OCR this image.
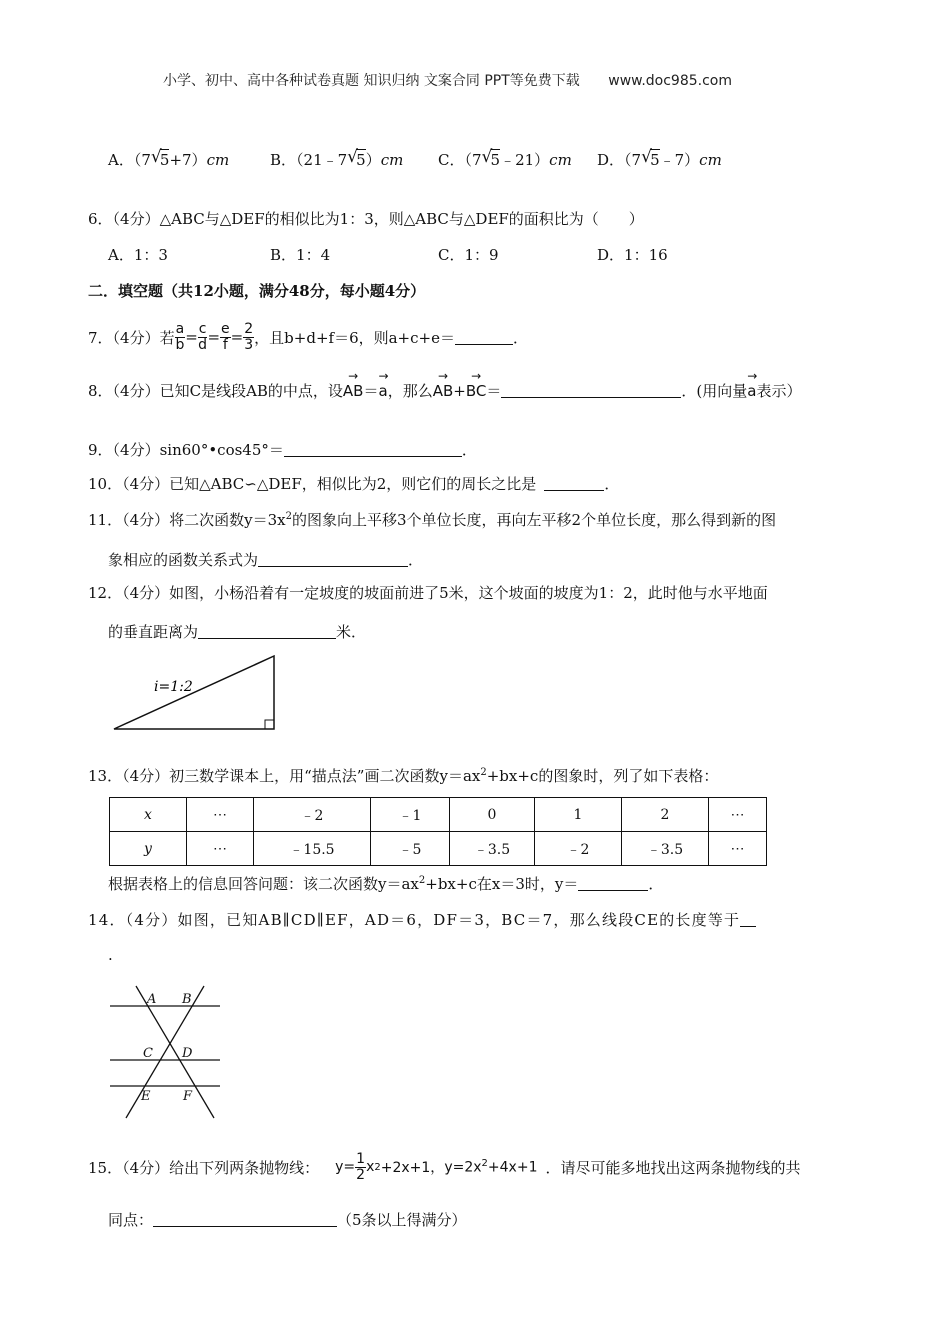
小学、初中、高中各种试卷真题 知识归纳 文案合同 PPT等免费下载 www.doc985.com
A．（7 √
5+7）cm	B．（21﹣7 √
5）cm C．（7 √
5﹣21）cm D．（7 √
5﹣7）cm
6．（4分）△ABC与△DEF的相似比为1：3，则△ABC与△DEF的面积比为（　　）
A．1：3	B．1：4	C．1：9	D．1：16
二．填空题（共12小题，满分48分，每小题4分）
7．（4分）若 $\frac{a}{b} = \frac{c}{d} = \frac{e}{f} = \frac{2}{3}$ ，且b+d+f＝6，则a+c+e＝	．
8．（4分）已知C是线段AB的中点，设→ AB＝→ a，那么→ AB+→ BC＝	．(用向量→ a表示）
9．（4分）sin60°•cos45°＝	．
10．（4分）已知△ABC∽△DEF，相似比为2，则它们的周长之比是	．
11．（4分）将二次函数$y=3x^2$的图象向上平移3个单位长度，再向左平移2个单位长度，那么得到新的图
象相应的函数关系式为	．
12．（4分）如图，小杨沿着有一定坡度的坡面前进了5米，这个坡面的坡度为1：2，此时他与水平地面
的垂直距离为	米．
i=1:2
13．（4分）初三数学课本上，用“描点法”画二次函数$y=ax^2+bx+c$的图象时，列了如下表格：
x	⋯	﹣2	﹣1	0	1	2	⋯
y	⋯	﹣15.5	﹣5	﹣3.5	﹣2	﹣3.5	⋯
根据表格上的信息回答问题：该二次函数$y=ax^2+bx+c$在x＝3时，y＝	．
14．（4分）如图，已知AB∥CD∥EF，AD＝6，DF＝3，BC＝7，那么线段CE的长度等于
.
A B
C D
E	F
15．（4分）给出下列两条抛物线： $y= \frac{1}{2}$ x 2 +2x+1， $y=2x^2+4x+1$ ．请尽可能多地找出这两条抛物线的共
同点：	（5条以上得满分）
